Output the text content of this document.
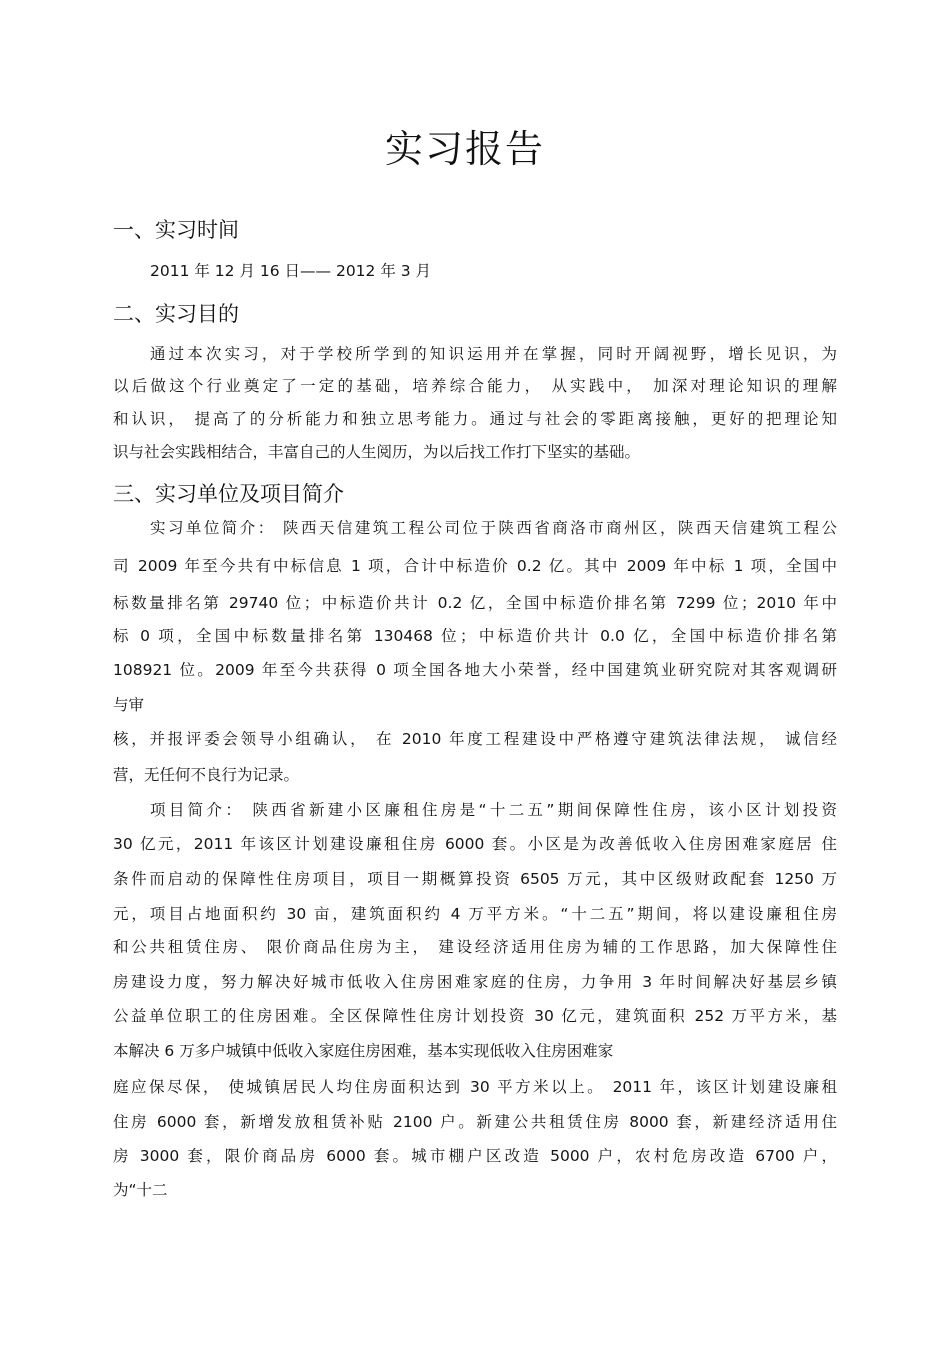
实习报告
一、实习时间
2011 年 12 月 16 日—— 2012 年 3 月
二、实习目的
通过本次实习，对于学校所学到的知识运用并在掌握，同时开阔视野，增长见识，为
以后做这个行业奠定了一定的基础，培养综合能力， 从实践中， 加深对理论知识的理解
和认识， 提高了的分析能力和独立思考能力。通过与社会的零距离接触，更好的把理论知
识与社会实践相结合，丰富自己的人生阅历，为以后找工作打下坚实的基础。
三、实习单位及项目简介
实习单位简介： 陕西天信建筑工程公司位于陕西省商洛市商州区，陕西天信建筑工程公
司 2009 年至今共有中标信息 1 项，合计中标造价 0.2 亿。其中 2009 年中标 1 项，全国中
标数量排名第 29740 位；中标造价共计 0.2 亿，全国中标造价排名第 7299 位；2010 年中
标 0 项，全国中标数量排名第 130468 位；中标造价共计 0.0 亿，全国中标造价排名第
108921 位。2009 年至今共获得 0 项全国各地大小荣誉，经中国建筑业研究院对其客观调研
与审
核，并报评委会领导小组确认， 在 2010 年度工程建设中严格遵守建筑法律法规， 诚信经
营，无任何不良行为记录。
项目简介： 陕西省新建小区廉租住房是“十二五”期间保障性住房，该小区计划投资
30 亿元，2011 年该区计划建设廉租住房 6000 套。小区是为改善低收入住房困难家庭居 住
条件而启动的保障性住房项目，项目一期概算投资 6505 万元，其中区级财政配套 1250 万
元，项目占地面积约 30 亩，建筑面积约 4 万平方米。“十二五”期间，将以建设廉租住房
和公共租赁住房、 限价商品住房为主， 建设经济适用住房为辅的工作思路，加大保障性住
房建设力度，努力解决好城市低收入住房困难家庭的住房，力争用 3 年时间解决好基层乡镇
公益单位职工的住房困难。全区保障性住房计划投资 30 亿元，建筑面积 252 万平方米，基
本解决 6 万多户城镇中低收入家庭住房困难，基本实现低收入住房困难家
庭应保尽保， 使城镇居民人均住房面积达到 30 平方米以上。 2011 年，该区计划建设廉租
住房 6000 套，新增发放租赁补贴 2100 户。新建公共租赁住房 8000 套，新建经济适用住
房 3000 套，限价商品房 6000 套。城市棚户区改造 5000 户，农村危房改造 6700 户，
为“十二
